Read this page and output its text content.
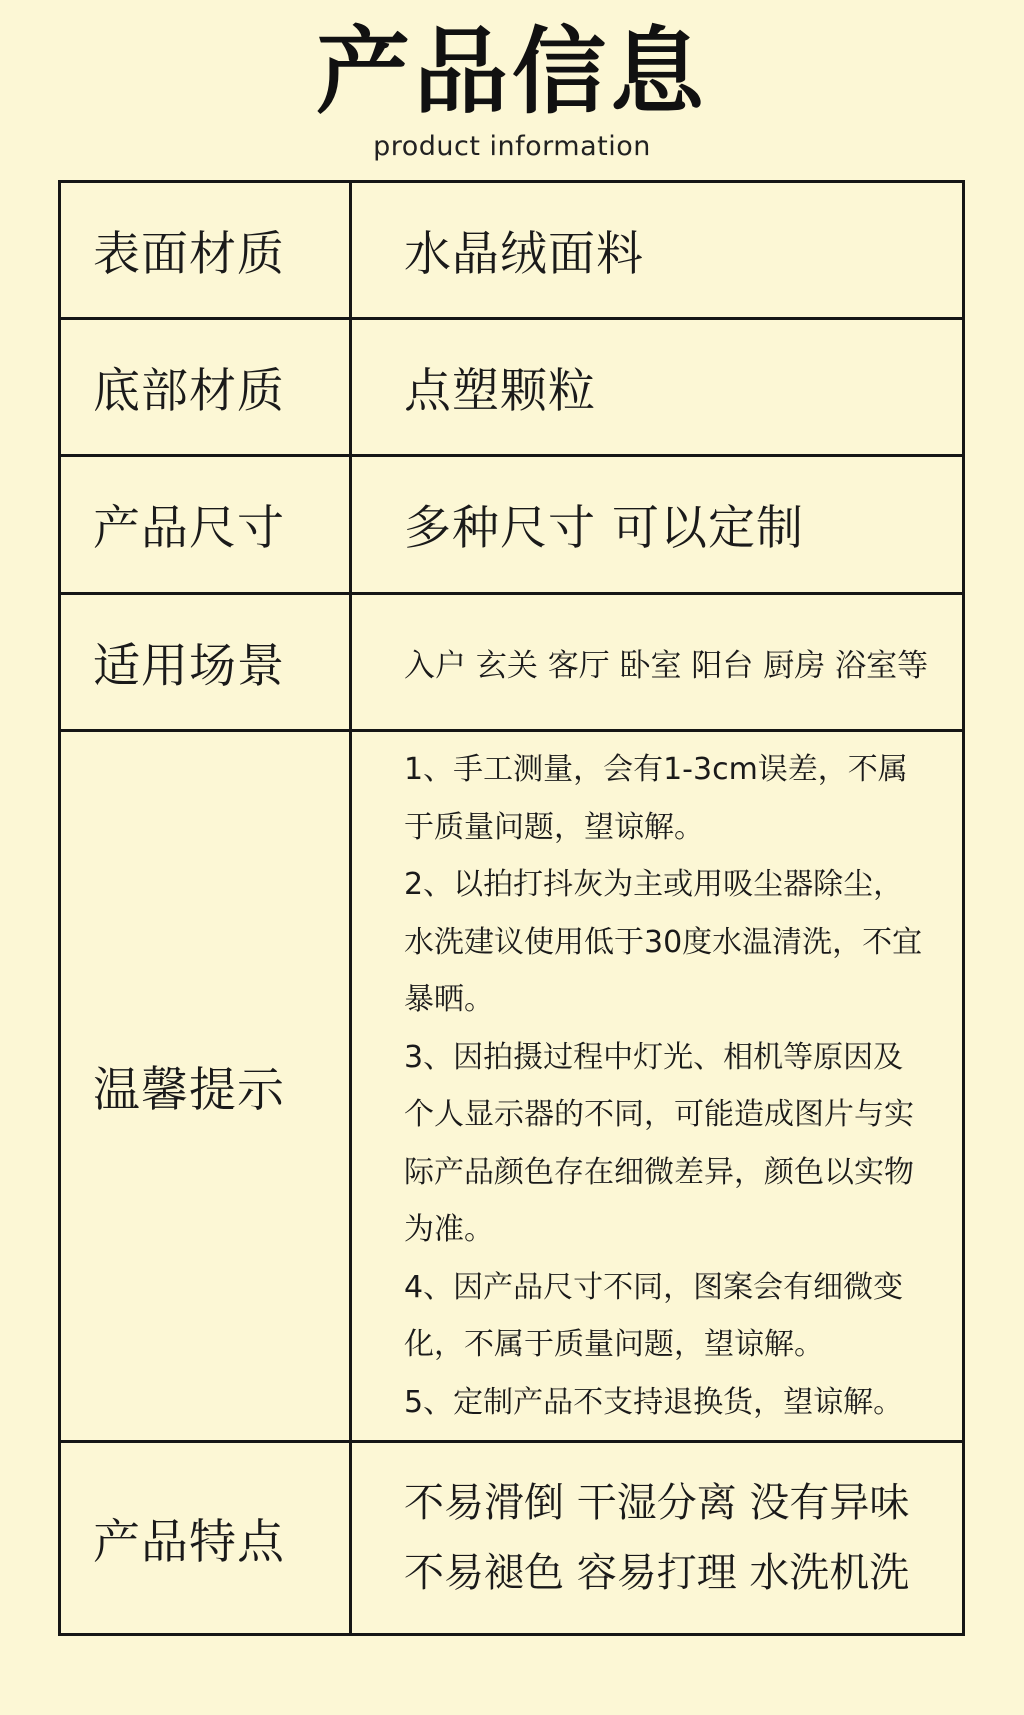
产品信息
product information
表面材质	水晶绒面料
底部材质	点塑颗粒
产品尺寸	多种尺寸 可以定制
适用场景	入户 玄关 客厅 卧室 阳台 厨房 浴室等
温馨提示	1、手工测量，会有1-3cm误差，不属于质量问题，望谅解。
2、以拍打抖灰为主或用吸尘器除尘，水洗建议使用低于30度水温清洗，不宜暴晒。
3、因拍摄过程中灯光、相机等原因及个人显示器的不同，可能造成图片与实际产品颜色存在细微差异，颜色以实物为准。
4、因产品尺寸不同，图案会有细微变化，不属于质量问题，望谅解。
5、定制产品不支持退换货，望谅解。

产品特点	不易滑倒 干湿分离 没有异味
不易褪色 容易打理 水洗机洗
